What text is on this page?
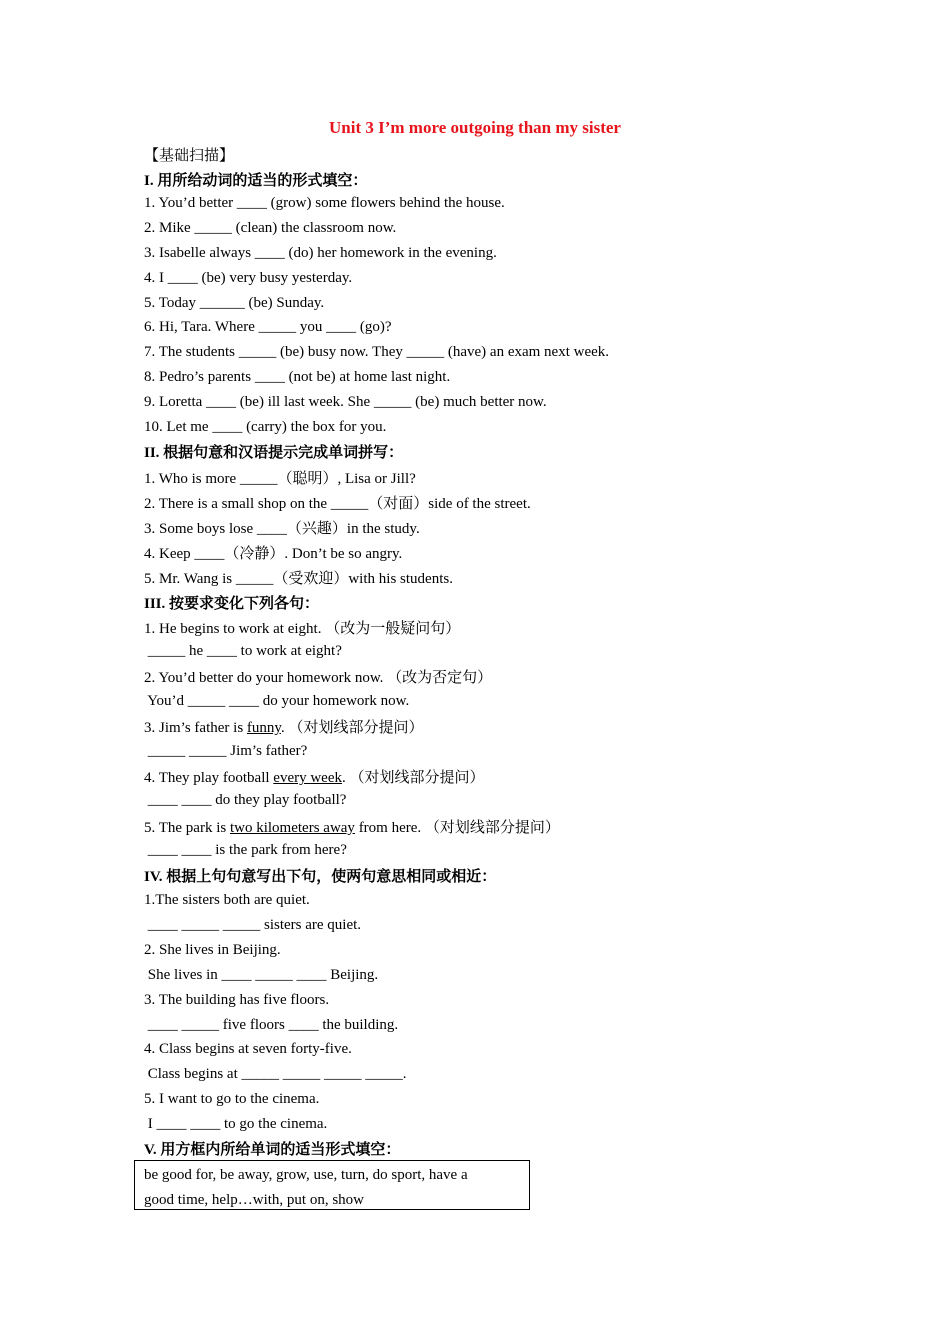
Unit 3 I’m more outgoing than my sister
【基础扫描】
I. 用所给动词的适当的形式填空：
1. You’d better ____ (grow) some flowers behind the house.
2. Mike _____ (clean) the classroom now.
3. Isabelle always ____ (do) her homework in the evening.
4. I ____ (be) very busy yesterday.
5. Today ______ (be) Sunday.
6. Hi, Tara. Where _____ you ____ (go)?
7. The students _____ (be) busy now. They _____ (have) an exam next week.
8. Pedro’s parents ____ (not be) at home last night.
9. Loretta ____ (be) ill last week. She _____ (be) much better now.
10. Let me ____ (carry) the box for you.
II. 根据句意和汉语提示完成单词拼写：
1. Who is more _____（聪明）, Lisa or Jill?
2. There is a small shop on the _____（对面）side of the street.
3. Some boys lose ____（兴趣）in the study.
4. Keep ____（冷静）. Don’t be so angry.
5. Mr. Wang is _____（受欢迎）with his students.
III. 按要求变化下列各句：
1. He begins to work at eight. （改为一般疑问句）
_____ he ____ to work at eight?
2. You’d better do your homework now. （改为否定句）
You’d _____ ____ do your homework now.
3. Jim’s father is funny. （对划线部分提问）
_____ _____ Jim’s father?
4. They play football every week. （对划线部分提问）
____ ____ do they play football?
5. The park is two kilometers away from here. （对划线部分提问）
____ ____ is the park from here?
IV. 根据上句句意写出下句，使两句意思相同或相近：
1.The sisters both are quiet.
____ _____ _____ sisters are quiet.
2. She lives in Beijing.
She lives in ____ _____ ____ Beijing.
3. The building has five floors.
____ _____ five floors ____ the building.
4. Class begins at seven forty-five.
Class begins at _____ _____ _____ _____.
5. I want to go to the cinema.
I ____ ____ to go the cinema.
V. 用方框内所给单词的适当形式填空：
be good for, be away, grow, use, turn, do sport, have a
good time, help…with, put on, show
